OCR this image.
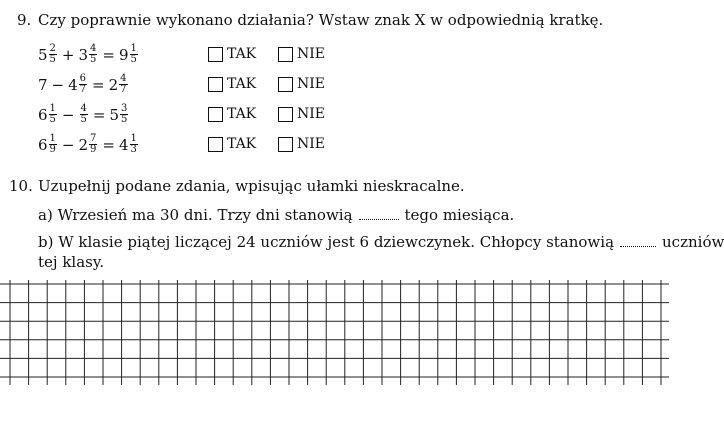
9. Czy poprawnie wykonano działania? Wstaw znak X w odpowiednią kratkę.
$5 \frac{2}{5} + 3 \frac{4}{5} = 9 \frac{1}{5}$	TAK	NIE
$7 - 4 \frac{6}{7} = 2 \frac{4}{7}$	TAK	NIE
$6 \frac{1}{5} - \frac{4}{5} = 5 \frac{3}{5}$	TAK	NIE
$6 \frac{1}{9} - 2 \frac{7}{9} = 4 \frac{1}{3}$	TAK	NIE
10. Uzupełnij podane zdania, wpisując ułamki nieskracalne.
a) Wrzesień ma 30 dni. Trzy dni stanowią	tego miesiąca.
b) W klasie piątej liczącej 24 uczniów jest 6 dziewczynek. Chłopcy stanowią	uczniów
tej klasy.
